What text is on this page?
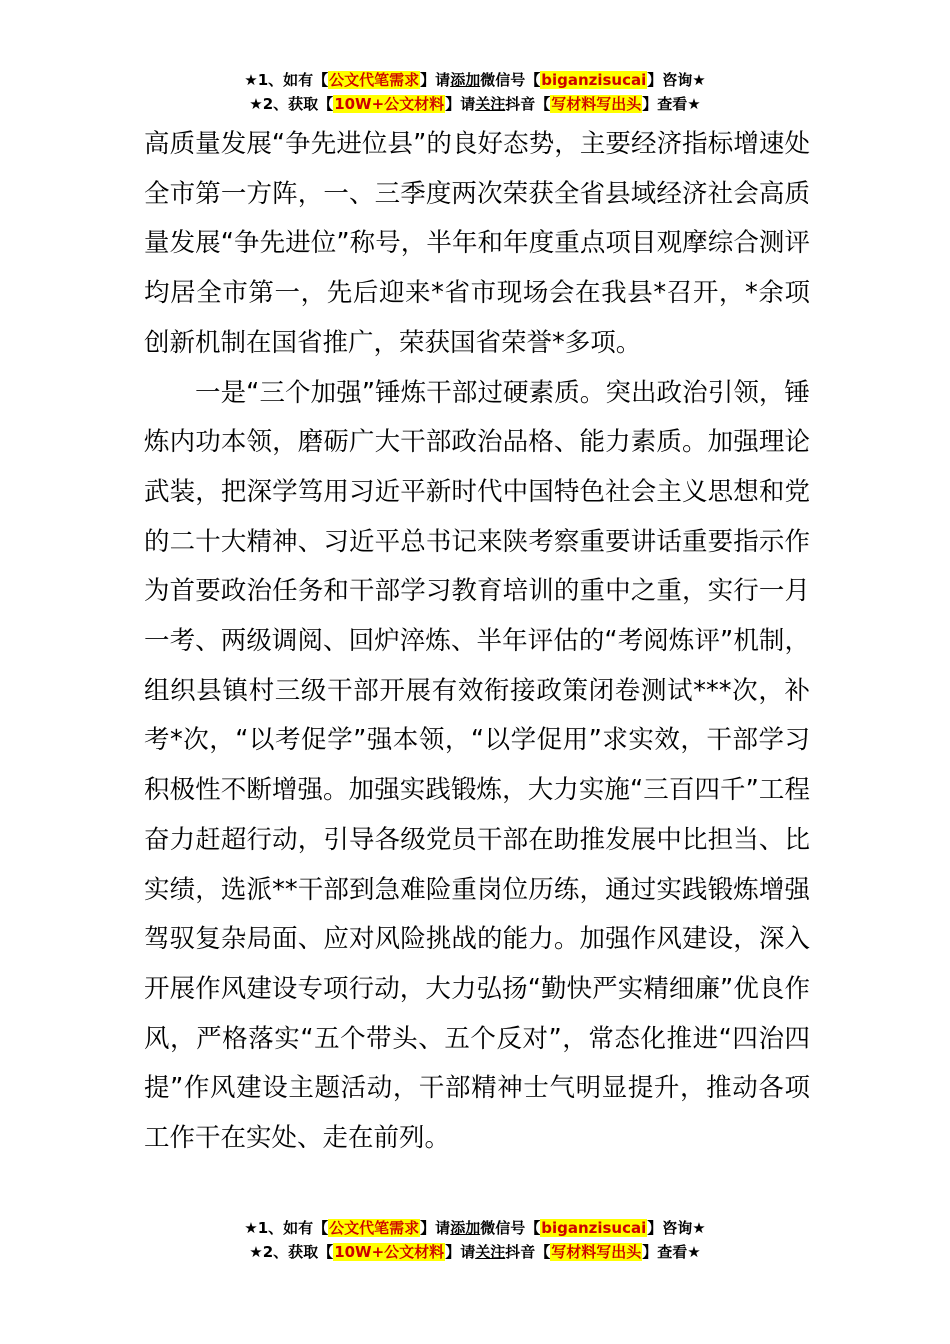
★1、如有【公文代笔需求】请添加微信号【biganzisucai】咨询★
★2、获取【10W+公文材料】请关注抖音【写材料写出头】查看★

高质量发展“争先进位县”的良好态势，主要经济指标增速处全市第一方阵，一、三季度两次荣获全省县域经济社会高质量发展“争先进位”称号，半年和年度重点项目观摩综合测评均居全市第一，先后迎来*省市现场会在我县*召开，*余项创新机制在国省推广，荣获国省荣誉*多项。

一是“三个加强”锤炼干部过硬素质。突出政治引领，锤炼内功本领，磨砺广大干部政治品格、能力素质。加强理论武装，把深学笃用习近平新时代中国特色社会主义思想和党的二十大精神、习近平总书记来陕考察重要讲话重要指示作为首要政治任务和干部学习教育培训的重中之重，实行一月一考、两级调阅、回炉淬炼、半年评估的“考阅炼评”机制，组织县镇村三级干部开展有效衔接政策闭卷测试***次，补考*次，“以考促学”强本领，“以学促用”求实效，干部学习积极性不断增强。加强实践锻炼，大力实施“三百四千”工程奋力赶超行动，引导各级党员干部在助推发展中比担当、比实绩，选派**干部到急难险重岗位历练，通过实践锻炼增强驾驭复杂局面、应对风险挑战的能力。加强作风建设，深入开展作风建设专项行动，大力弘扬“勤快严实精细廉”优良作风，严格落实“五个带头、五个反对”，常态化推进“四治四提”作风建设主题活动，干部精神士气明显提升，推动各项工作干在实处、走在前列。

★1、如有【公文代笔需求】请添加微信号【biganzisucai】咨询★
★2、获取【10W+公文材料】请关注抖音【写材料写出头】查看★
